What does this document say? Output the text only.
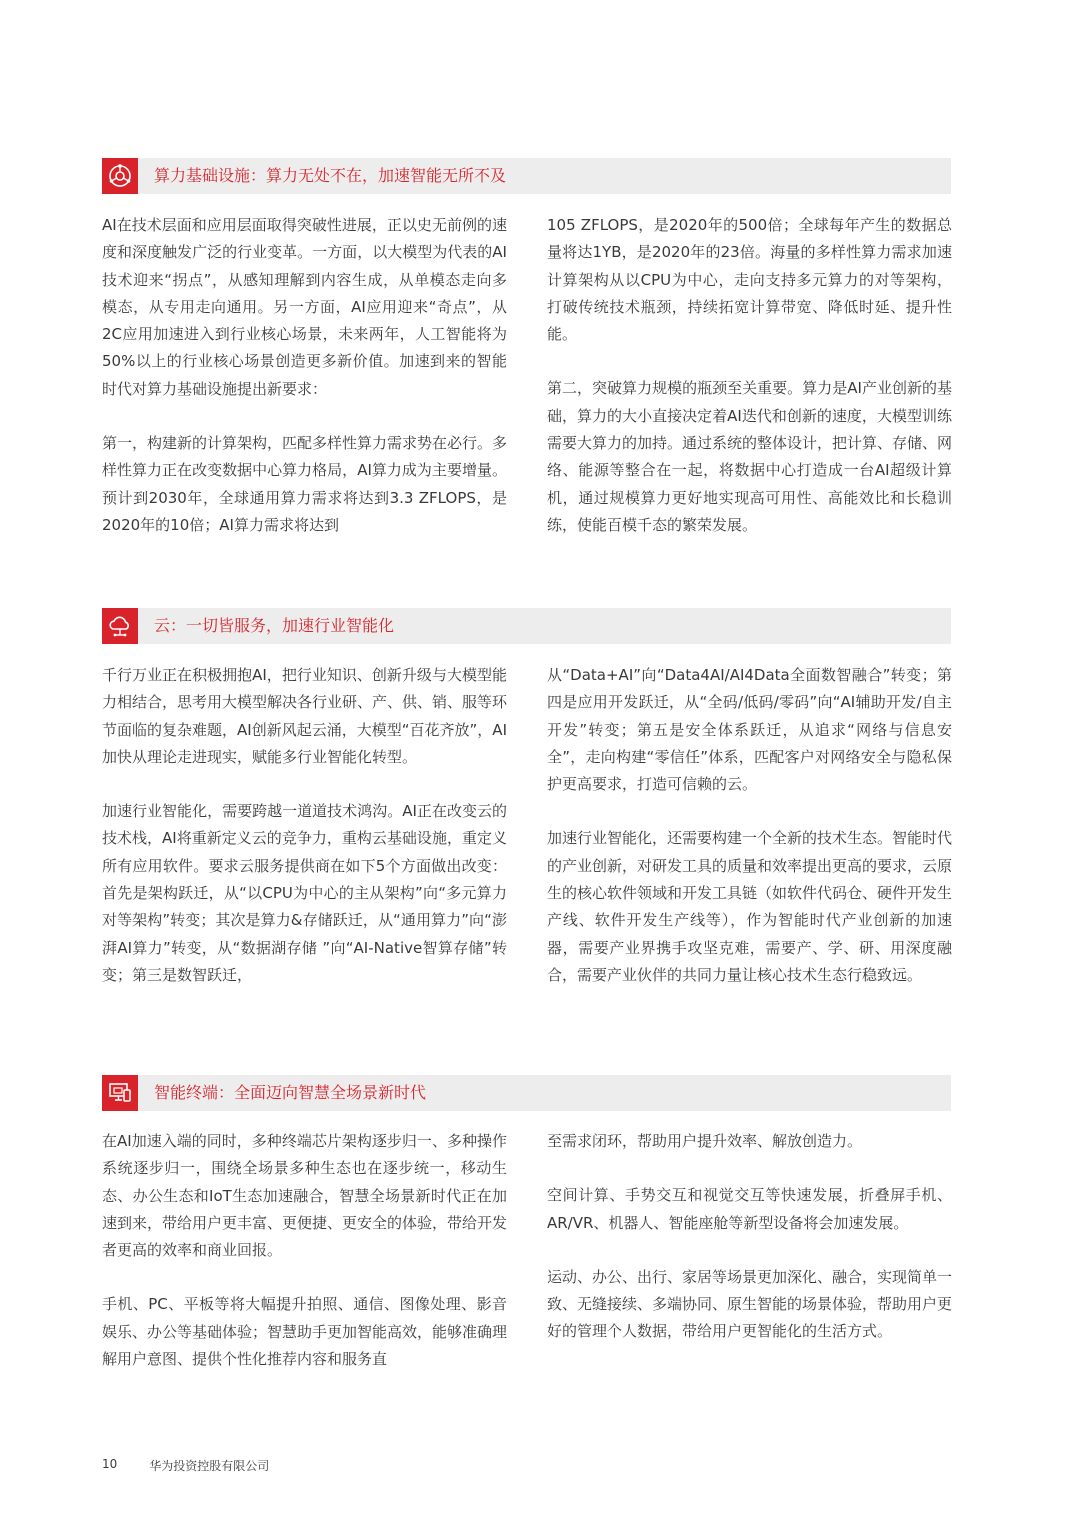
算力基础设施：算力无处不在，加速智能无所不及

AI在技术层面和应用层面取得突破性进展，正以史无前例的速度和深度触发广泛的行业变革。一方面，以大模型为代表的AI技术迎来“拐点”，从感知理解到内容生成，从单模态走向多模态，从专用走向通用。另一方面，AI应用迎来“奇点”，从2C应用加速进入到行业核心场景，未来两年，人工智能将为50%以上的行业核心场景创造更多新价值。加速到来的智能时代对算力基础设施提出新要求：

第一，构建新的计算架构，匹配多样性算力需求势在必行。多样性算力正在改变数据中心算力格局，AI算力成为主要增量。预计到2030年，全球通用算力需求将达到3.3 ZFLOPS，是2020年的10倍；AI算力需求将达到

105 ZFLOPS，是2020年的500倍；全球每年产生的数据总量将达1YB，是2020年的23倍。海量的多样性算力需求加速计算架构从以CPU为中心，走向支持多元算力的对等架构，打破传统技术瓶颈，持续拓宽计算带宽、降低时延、提升性能。

第二，突破算力规模的瓶颈至关重要。算力是AI产业创新的基础，算力的大小直接决定着AI迭代和创新的速度，大模型训练需要大算力的加持。通过系统的整体设计，把计算、存储、网络、能源等整合在一起，将数据中心打造成一台AI超级计算机，通过规模算力更好地实现高可用性、高能效比和长稳训练，使能百模千态的繁荣发展。

云：一切皆服务，加速行业智能化

千行万业正在积极拥抱AI，把行业知识、创新升级与大模型能力相结合，思考用大模型解决各行业研、产、供、销、服等环节面临的复杂难题，AI创新风起云涌，大模型“百花齐放”，AI加快从理论走进现实，赋能多行业智能化转型。

加速行业智能化，需要跨越一道道技术鸿沟。AI正在改变云的技术栈，AI将重新定义云的竞争力，重构云基础设施，重定义所有应用软件。要求云服务提供商在如下5个方面做出改变：首先是架构跃迁，从“以CPU为中心的主从架构”向“多元算力对等架构”转变；其次是算力&存储跃迁，从“通用算力”向“澎湃AI算力”转变，从“数据湖存储 ”向“AI-Native智算存储”转变；第三是数智跃迁，

从“Data+AI”向“Data4AI/AI4Data全面数智融合”转变；第四是应用开发跃迁，从“全码/低码/零码”向“AI辅助开发/自主开发”转变；第五是安全体系跃迁，从追求“网络与信息安全”，走向构建“零信任”体系，匹配客户对网络安全与隐私保护更高要求，打造可信赖的云。

加速行业智能化，还需要构建一个全新的技术生态。智能时代的产业创新，对研发工具的质量和效率提出更高的要求，云原生的核心软件领域和开发工具链（如软件代码仓、硬件开发生产线、软件开发生产线等），作为智能时代产业创新的加速器，需要产业界携手攻坚克难，需要产、学、研、用深度融合，需要产业伙伴的共同力量让核心技术生态行稳致远。

智能终端：全面迈向智慧全场景新时代

在AI加速入端的同时，多种终端芯片架构逐步归一、多种操作系统逐步归一，围绕全场景多种生态也在逐步统一，移动生态、办公生态和IoT生态加速融合，智慧全场景新时代正在加速到来，带给用户更丰富、更便捷、更安全的体验，带给开发者更高的效率和商业回报。

手机、PC、平板等将大幅提升拍照、通信、图像处理、影音娱乐、办公等基础体验；智慧助手更加智能高效，能够准确理解用户意图、提供个性化推荐内容和服务直

至需求闭环，帮助用户提升效率、解放创造力。

空间计算、手势交互和视觉交互等快速发展，折叠屏手机、AR/VR、机器人、智能座舱等新型设备将会加速发展。

运动、办公、出行、家居等场景更加深化、融合，实现简单一致、无缝接续、多端协同、原生智能的场景体验，帮助用户更好的管理个人数据，带给用户更智能化的生活方式。

10	华为投资控股有限公司
